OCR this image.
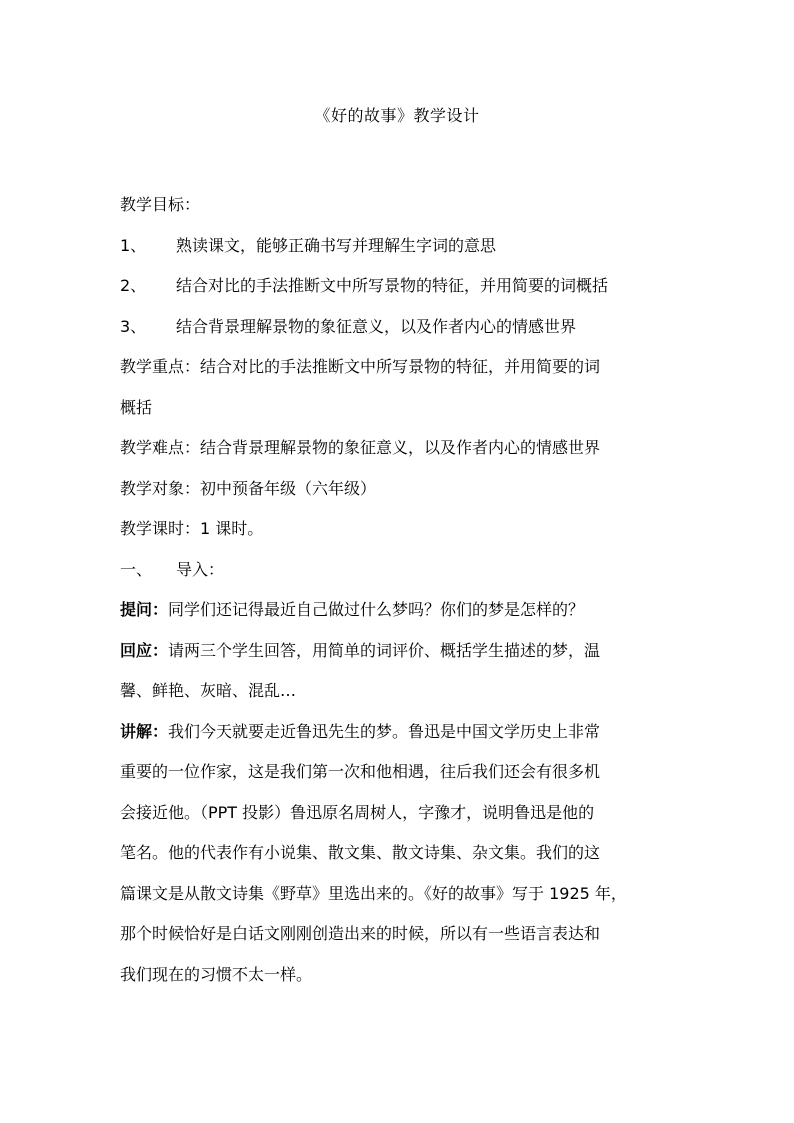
《好的故事》教学设计
教学目标：
1、 熟读课文，能够正确书写并理解生字词的意思
2、 结合对比的手法推断文中所写景物的特征，并用简要的词概括
3、 结合背景理解景物的象征意义，以及作者内心的情感世界
教学重点：结合对比的手法推断文中所写景物的特征，并用简要的词
概括
教学难点：结合背景理解景物的象征意义，以及作者内心的情感世界
教学对象：初中预备年级（六年级）
教学课时：1 课时。
一、 导入：
提问：同学们还记得最近自己做过什么梦吗？你们的梦是怎样的？
回应：请两三个学生回答，用简单的词评价、概括学生描述的梦，温
馨、鲜艳、灰暗、混乱…
讲解：我们今天就要走近鲁迅先生的梦。鲁迅是中国文学历史上非常
重要的一位作家，这是我们第一次和他相遇，往后我们还会有很多机
会接近他。（PPT 投影）鲁迅原名周树人，字豫才，说明鲁迅是他的
笔名。他的代表作有小说集、散文集、散文诗集、杂文集。我们的这
篇课文是从散文诗集《野草》里选出来的。《好的故事》写于 1925 年，
那个时候恰好是白话文刚刚创造出来的时候，所以有一些语言表达和
我们现在的习惯不太一样。
